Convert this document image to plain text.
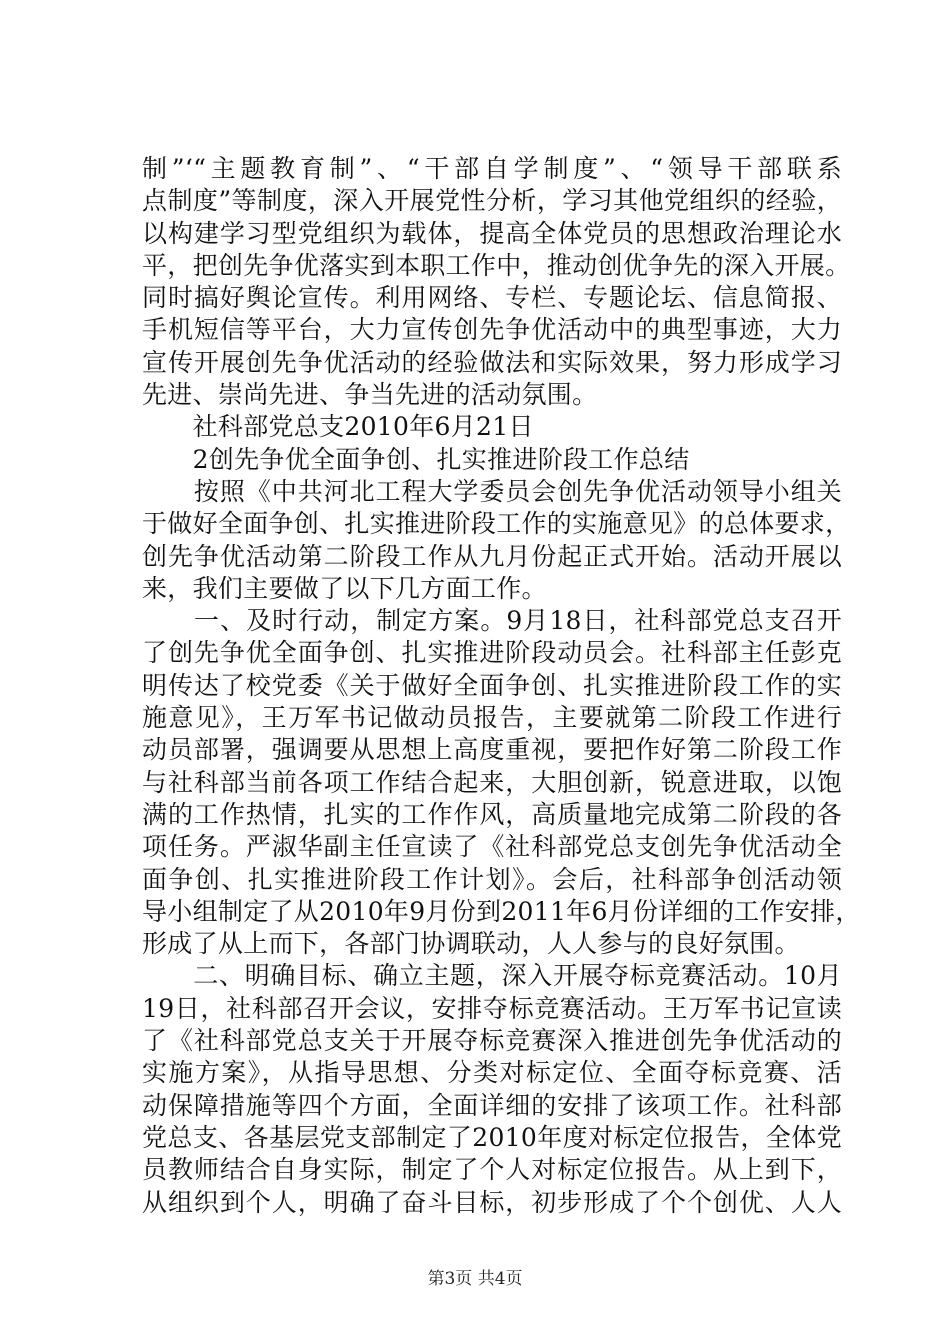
制”‘“主题教育制”、“干部自学制度”、“领导干部联系
点制度”等制度，深入开展党性分析，学习其他党组织的经验，
以构建学习型党组织为载体，提高全体党员的思想政治理论水
平，把创先争优落实到本职工作中，推动创优争先的深入开展。
同时搞好舆论宣传。利用网络、专栏、专题论坛、信息简报、
手机短信等平台，大力宣传创先争优活动中的典型事迹，大力
宣传开展创先争优活动的经验做法和实际效果，努力形成学习
先进、崇尚先进、争当先进的活动氛围。
　　社科部党总支2010年6月21日
　　2创先争优全面争创、扎实推进阶段工作总结
　　按照《中共河北工程大学委员会创先争优活动领导小组关
于做好全面争创、扎实推进阶段工作的实施意见》的总体要求，
创先争优活动第二阶段工作从九月份起正式开始。活动开展以
来，我们主要做了以下几方面工作。
　　一、及时行动，制定方案。9月18日，社科部党总支召开
了创先争优全面争创、扎实推进阶段动员会。社科部主任彭克
明传达了校党委《关于做好全面争创、扎实推进阶段工作的实
施意见》，王万军书记做动员报告，主要就第二阶段工作进行
动员部署，强调要从思想上高度重视，要把作好第二阶段工作
与社科部当前各项工作结合起来，大胆创新，锐意进取，以饱
满的工作热情，扎实的工作作风，高质量地完成第二阶段的各
项任务。严淑华副主任宣读了《社科部党总支创先争优活动全
面争创、扎实推进阶段工作计划》。会后，社科部争创活动领
导小组制定了从2010年9月份到2011年6月份详细的工作安排，
形成了从上而下，各部门协调联动，人人参与的良好氛围。
　　二、明确目标、确立主题，深入开展夺标竞赛活动。10月
19日，社科部召开会议，安排夺标竞赛活动。王万军书记宣读
了《社科部党总支关于开展夺标竞赛深入推进创先争优活动的
实施方案》，从指导思想、分类对标定位、全面夺标竞赛、活
动保障措施等四个方面，全面详细的安排了该项工作。社科部
党总支、各基层党支部制定了2010年度对标定位报告，全体党
员教师结合自身实际，制定了个人对标定位报告。从上到下，
从组织到个人，明确了奋斗目标，初步形成了个个创优、人人
第3页 共4页
